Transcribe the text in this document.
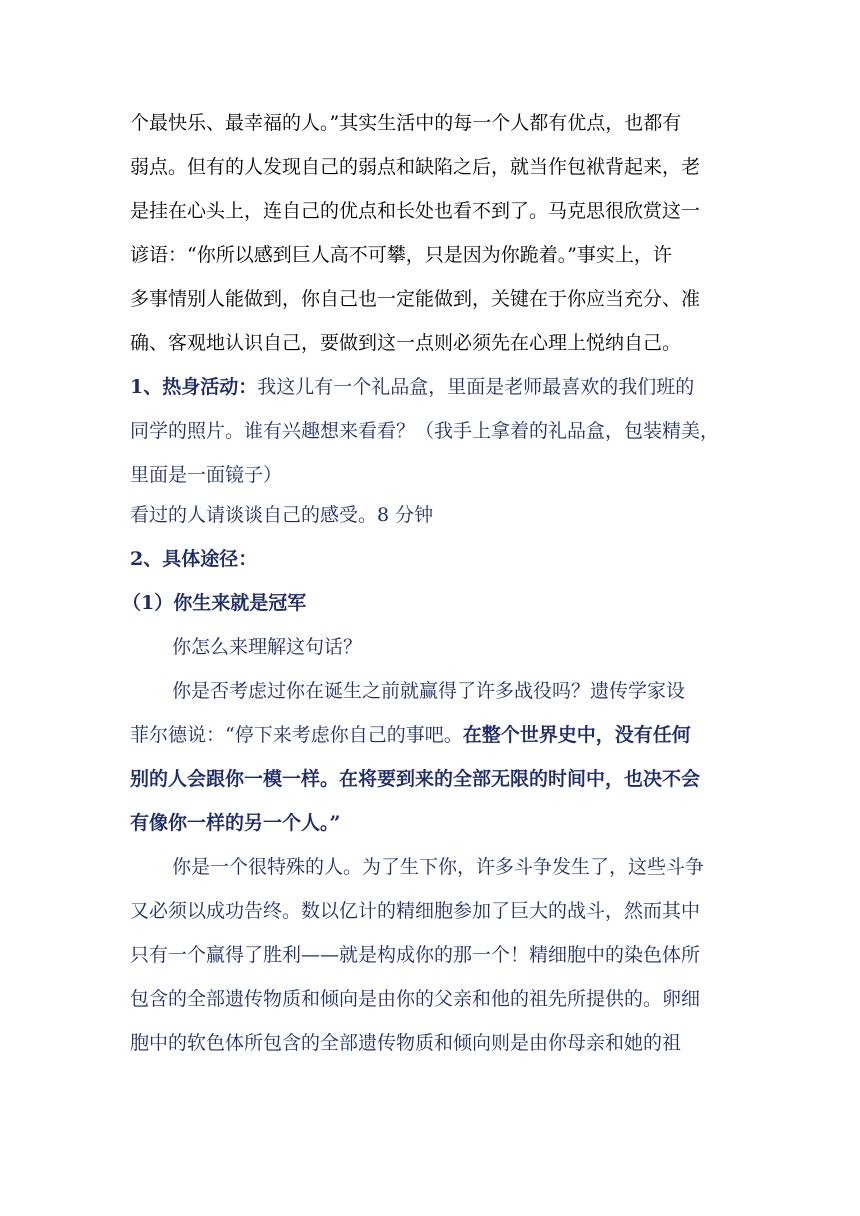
个最快乐、最幸福的人。”其实生活中的每一个人都有优点，也都有
弱点。但有的人发现自己的弱点和缺陷之后，就当作包袱背起来，老
是挂在心头上，连自己的优点和长处也看不到了。马克思很欣赏这一
谚语：“你所以感到巨人高不可攀，只是因为你跪着。”事实上，许
多事情别人能做到，你自己也一定能做到，关键在于你应当充分、准
确、客观地认识自己，要做到这一点则必须先在心理上悦纳自己。
1、热身活动：我这儿有一个礼品盒，里面是老师最喜欢的我们班的
同学的照片。谁有兴趣想来看看？（我手上拿着的礼品盒，包装精美，
里面是一面镜子）
看过的人请谈谈自己的感受。8 分钟
2、具体途径：
（1）你生来就是冠军
你怎么来理解这句话？
你是否考虑过你在诞生之前就赢得了许多战役吗？遗传学家设
菲尔德说：“停下来考虑你自己的事吧。在整个世界史中，没有任何
别的人会跟你一模一样。在将要到来的全部无限的时间中，也决不会
有像你一样的另一个人。”
你是一个很特殊的人。为了生下你，许多斗争发生了，这些斗争
又必须以成功告终。数以亿计的精细胞参加了巨大的战斗，然而其中
只有一个赢得了胜利——就是构成你的那一个！精细胞中的染色体所
包含的全部遗传物质和倾向是由你的父亲和他的祖先所提供的。卵细
胞中的软色体所包含的全部遗传物质和倾向则是由你母亲和她的祖
